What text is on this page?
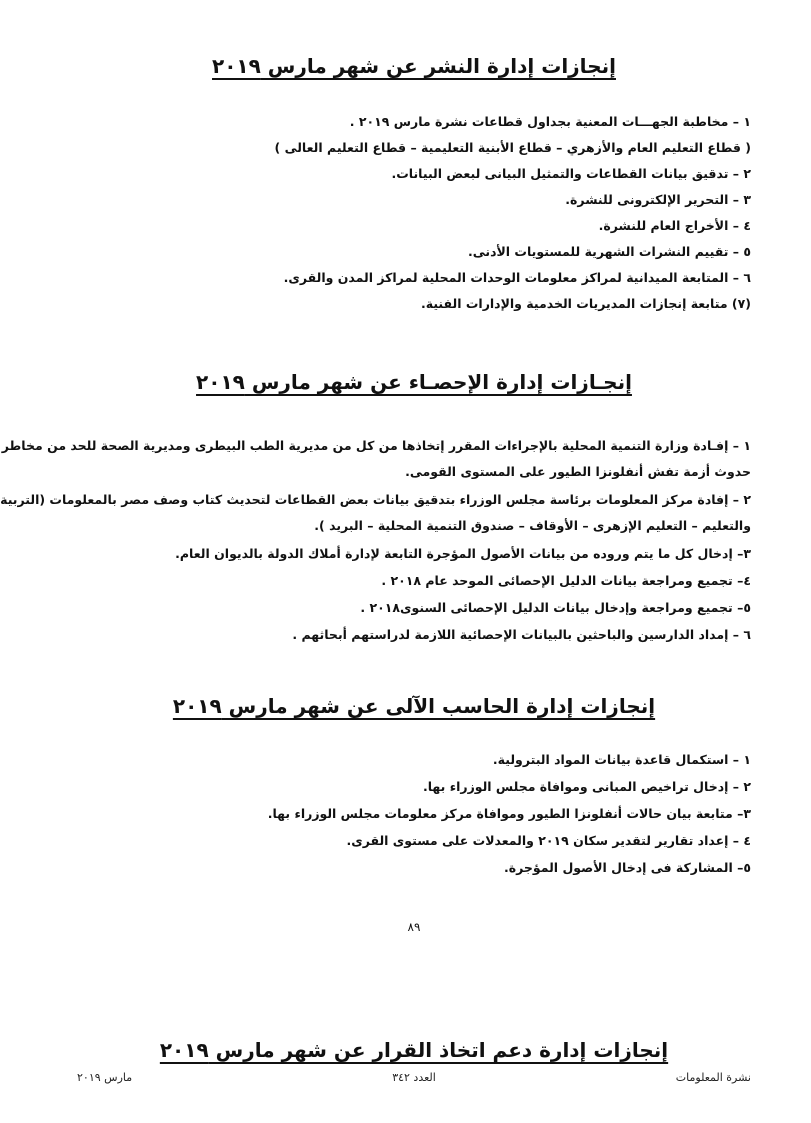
إنجازات إدارة النشر عن شهر مارس ٢٠١٩
١ – مخاطبة الجهـــات المعنية بجداول قطاعات نشرة مارس ٢٠١٩ .
( قطاع التعليم العام والأزهري – قطاع الأبنية التعليمية – قطاع التعليم العالى )
٢ – تدقيق بيانات القطاعات والتمثيل البيانى لبعض البيانات.
٣ – التحرير الإلكترونى للنشرة.
٤ – الأخراج العام للنشرة.
٥ – تقييم النشرات الشهرية للمستويات الأدنى.
٦ – المتابعة الميدانية لمراكز معلومات الوحدات المحلية لمراكز المدن والقرى.
(٧) متابعة إنجازات المديريات الخدمية والإدارات الفنية.
إنجـازات إدارة الإحصـاء عن شهر مارس ٢٠١٩
١ – إفـادة وزارة التنمية المحلية بالإجراءات المقرر إتخاذها من كل من مديرية الطب البيطرى ومديرية الصحة للحد من مخاطر
حدوث أزمة تفش أنفلونزا الطيور على المستوى القومى.
٢ – إفادة مركز المعلومات برئاسة مجلس الوزراء بتدقيق بيانات بعض القطاعات لتحديث كتاب وصف مصر بالمعلومات (التربية
والتعليم – التعليم الإزهرى – الأوقاف – صندوق التنمية المحلية – البريد ).
٣– إدخال كل ما يتم وروده من بيانات الأصول المؤجرة التابعة لإدارة أملاك الدولة بالديوان العام.
٤– تجميع ومراجعة بيانات الدليل الإحصائى الموحد عام ٢٠١٨ .
٥– تجميع ومراجعة وإدخال بيانات الدليل الإحصائى السنوى٢٠١٨ .
٦ – إمداد الدارسين والباحثين بالبيانات الإحصائية اللازمة لدراستهم أبحاثهم .
إنجازات إدارة الحاسب الآلى عن شهر مارس ٢٠١٩
١ – استكمال قاعدة بيانات المواد البترولية.
٢ – إدخال تراخيص المبانى وموافاة مجلس الوزراء بها.
٣– متابعة بيان حالات أنفلونزا الطيور وموافاة مركز معلومات مجلس الوزراء بها.
٤ – إعداد تقارير لتقدير سكان ٢٠١٩ والمعدلات على مستوى القرى.
٥– المشاركة فى إدخال الأصول المؤجرة.
٨٩
إنجازات إدارة دعم اتخاذ القرار عن شهر مارس ٢٠١٩
نشرة المعلومات
العدد ٣٤٢
مارس ٢٠١٩
